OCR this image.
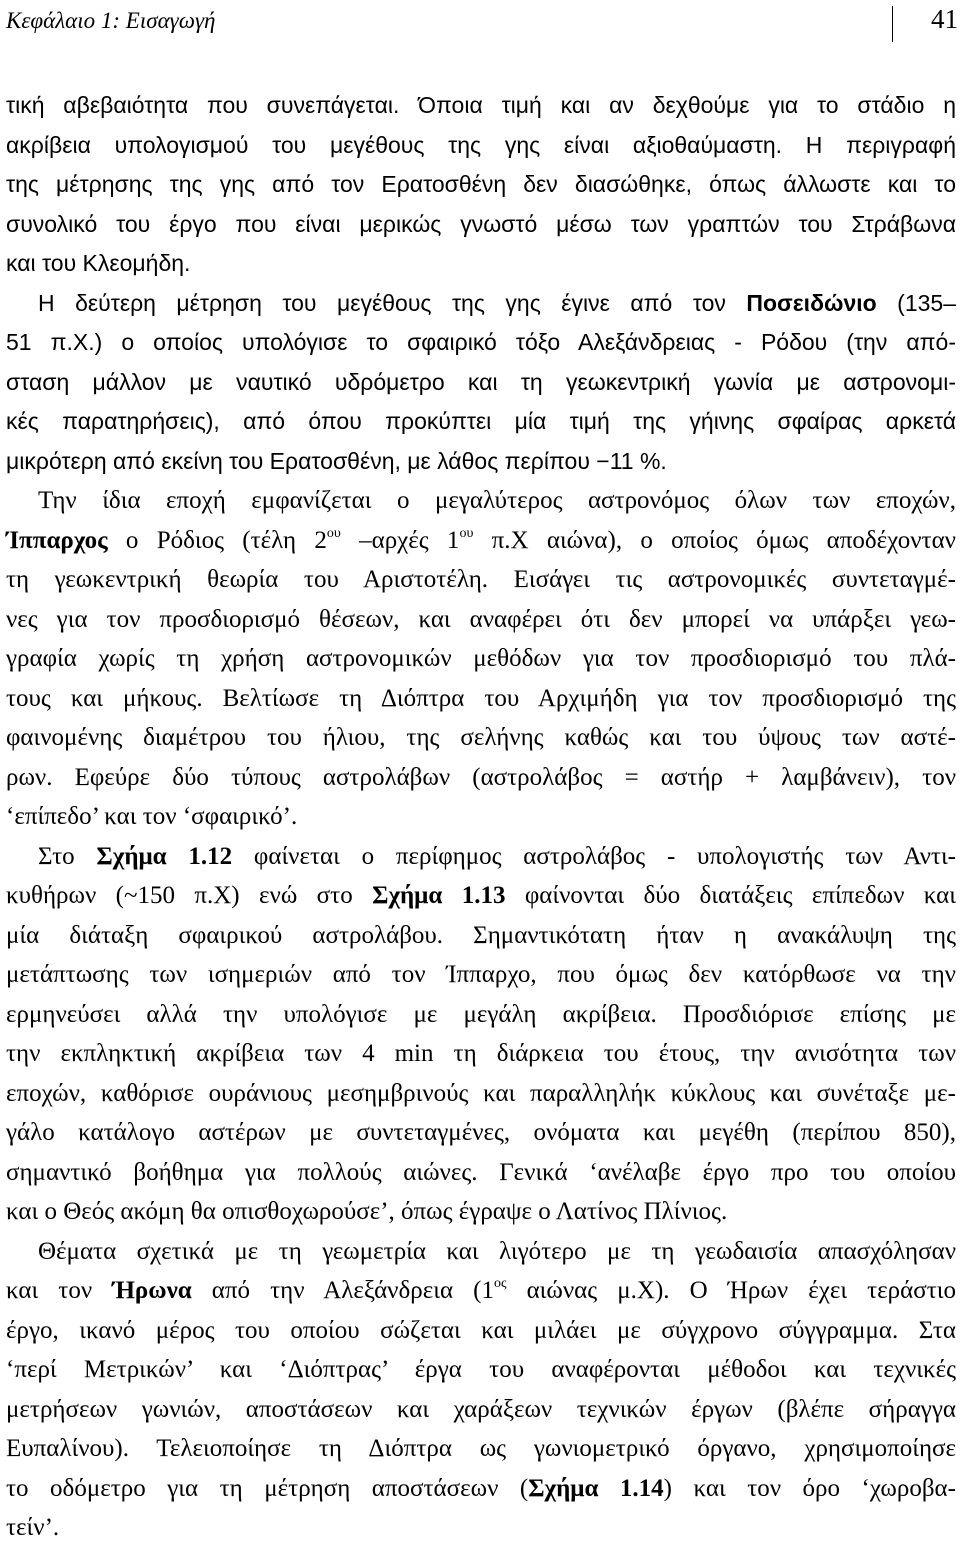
Κεφάλαιο 1: Εισαγωγή	41
τική αβεβαιότητα που συνεπάγεται. Όποια τιμή και αν δεχθούμε για το στάδιο η
ακρίβεια υπολογισμού του μεγέθους της γης είναι αξιοθαύμαστη. Η περιγραφή
της μέτρησης της γης από τον Ερατοσθένη δεν διασώθηκε, όπως άλλωστε και το
συνολικό του έργο που είναι μερικώς γνωστό μέσω των γραπτών του Στράβωνα
και του Κλεομήδη.
Η δεύτερη μέτρηση του μεγέθους της γης έγινε από τον Ποσειδώνιο (135–
51 π.Χ.) ο οποίος υπολόγισε το σφαιρικό τόξο Αλεξάνδρειας - Ρόδου (την από-
σταση μάλλον με ναυτικό υδρόμετρο και τη γεωκεντρική γωνία με αστρονομι-
κές παρατηρήσεις), από όπου προκύπτει μία τιμή της γήινης σφαίρας αρκετά
μικρότερη από εκείνη του Ερατοσθένη, με λάθος περίπου −11 %.
Την ίδια εποχή εμφανίζεται ο μεγαλύτερος αστρονόμος όλων των εποχών,
Ίππαρχος ο Ρόδιος (τέλη $2^{o\upsilon}$ –αρχές $1^{o\upsilon}$ π.Χ αιώνα), ο οποίος όμως αποδέχονταν
τη γεωκεντρική θεωρία του Αριστοτέλη. Εισάγει τις αστρονομικές συντεταγμέ-
νες για τον προσδιορισμό θέσεων, και αναφέρει ότι δεν μπορεί να υπάρξει γεω-
γραφία χωρίς τη χρήση αστρονομικών μεθόδων για τον προσδιορισμό του πλά-
τους και μήκους. Βελτίωσε τη Διόπτρα του Αρχιμήδη για τον προσδιορισμό της
φαινομένης διαμέτρου του ήλιου, της σελήνης καθώς και του ύψους των αστέ-
ρων. Εφεύρε δύο τύπους αστρολάβων (αστρολάβος = αστήρ + λαμβάνειν), τον
‘επίπεδο’ και τον ‘σφαιρικό’.
Στο Σχήμα 1.12 φαίνεται ο περίφημος αστρολάβος - υπολογιστής των Αντι-
κυθήρων (~150 π.Χ) ενώ στο Σχήμα 1.13 φαίνονται δύο διατάξεις επίπεδων και
μία διάταξη σφαιρικού αστρολάβου. Σημαντικότατη ήταν η ανακάλυψη της
μετάπτωσης των ισημεριών από τον Ίππαρχο, που όμως δεν κατόρθωσε να την
ερμηνεύσει αλλά την υπολόγισε με μεγάλη ακρίβεια. Προσδιόρισε επίσης με
την εκπληκτική ακρίβεια των 4 min τη διάρκεια του έτους, την ανισότητα των
εποχών, καθόρισε ουράνιους μεσημβρινούς και παραλληλήκ κύκλους και συνέταξε με-
γάλο κατάλογο αστέρων με συντεταγμένες, ονόματα και μεγέθη (περίπου 850),
σημαντικό βοήθημα για πολλούς αιώνες. Γενικά ‘ανέλαβε έργο προ του οποίου
και ο Θεός ακόμη θα οπισθοχωρούσε’, όπως έγραψε ο Λατίνος Πλίνιος.
Θέματα σχετικά με τη γεωμετρία και λιγότερο με τη γεωδαισία απασχόλησαν
και τον Ήρωνα από την Αλεξάνδρεια ($1^{o\varsigma}$ αιώνας μ.Χ). Ο Ήρων έχει τεράστιο
έργο, ικανό μέρος του οποίου σώζεται και μιλάει με σύγχρονο σύγγραμμα. Στα
‘περί Μετρικών’ και ‘Διόπτρας’ έργα του αναφέρονται μέθοδοι και τεχνικές
μετρήσεων γωνιών, αποστάσεων και χαράξεων τεχνικών έργων (βλέπε σήραγγα
Ευπαλίνου). Τελειοποίησε τη Διόπτρα ως γωνιομετρικό όργανο, χρησιμοποίησε
το οδόμετρο για τη μέτρηση αποστάσεων (Σχήμα 1.14) και τον όρο ‘χωροβα-
τείν’.
